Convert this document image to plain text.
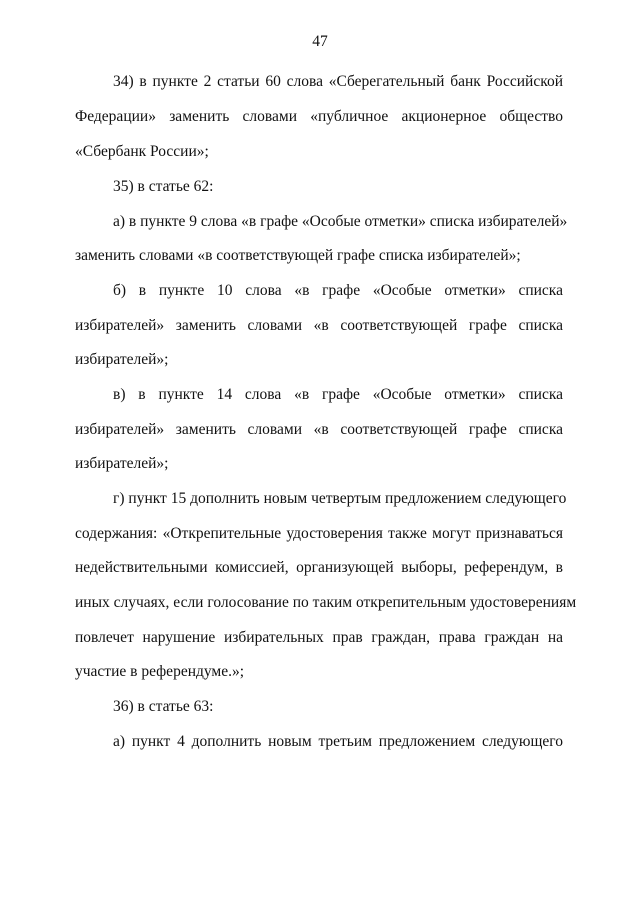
47
34) в пункте 2 статьи 60 слова «Сберегательный банк Российской
Федерации» заменить словами «публичное акционерное общество
«Сбербанк России»;
35) в статье 62:
а) в пункте 9 слова «в графе «Особые отметки» списка избирателей»
заменить словами «в соответствующей графе списка избирателей»;
б) в пункте 10 слова «в графе «Особые отметки» списка
избирателей» заменить словами «в соответствующей графе списка
избирателей»;
в) в пункте 14 слова «в графе «Особые отметки» списка
избирателей» заменить словами «в соответствующей графе списка
избирателей»;
г) пункт 15 дополнить новым четвертым предложением следующего
содержания: «Открепительные удостоверения также могут признаваться
недействительными комиссией, организующей выборы, референдум, в
иных случаях, если голосование по таким открепительным удостоверениям
повлечет нарушение избирательных прав граждан, права граждан на
участие в референдуме.»;
36) в статье 63:
а) пункт 4 дополнить новым третьим предложением следующего
